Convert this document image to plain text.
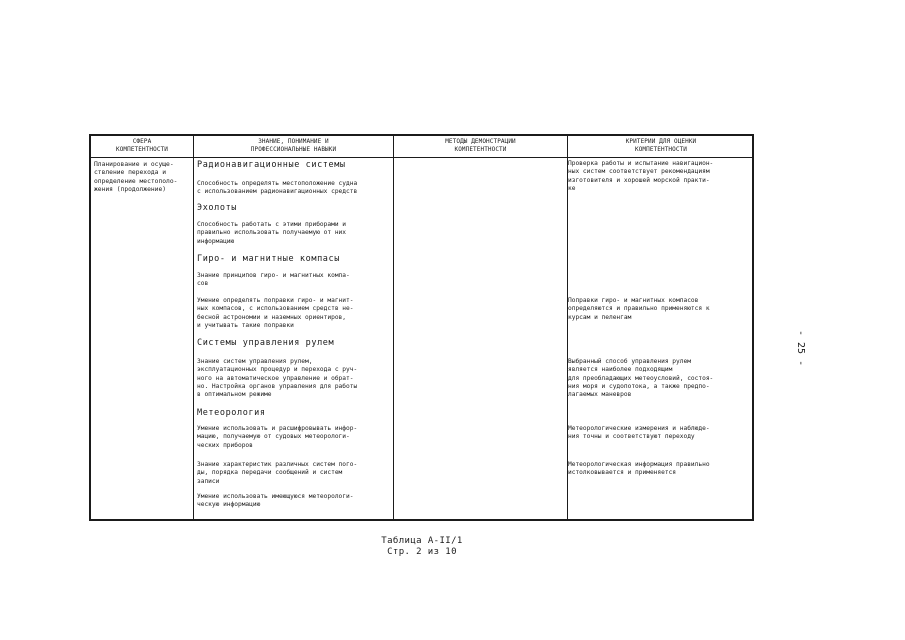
СФЕРА
КОМПЕТЕНТНОСТИ
ЗНАНИЕ, ПОНИМАНИЕ И
ПРОФЕССИОНАЛЬНЫЕ НАВЫКИ
МЕТОДЫ ДЕМОНСТРАЦИИ
КОМПЕТЕНТНОСТИ
КРИТЕРИИ ДЛЯ ОЦЕНКИ
КОМПЕТЕНТНОСТИ
Планирование и осуще-
ствление перехода и
определение местополо-
жения (продолжение)
Радионавигационные системы
Способность определять местоположение судна
с использованием радионавигационных средств
Эхолоты
Способность работать с этими приборами и
правильно использовать получаемую от них
информацию
Гиро- и магнитные компасы
Знание принципов гиро- и магнитных компа-
сов
Умение определять поправки гиро- и магнит-
ных компасов, с использованием средств не-
бесной астрономии и наземных ориентиров,
и учитывать такие поправки
Системы управления рулем
Знание систем управления рулем,
эксплуатационных процедур и перехода с руч-
ного на автоматическое управление и обрат-
но. Настройка органов управления для работы
в оптимальном режиме
Метеорология
Умение использовать и расшифровывать инфор-
мацию, получаемую от судовых метеорологи-
ческих приборов
Знание характеристик различных систем пого-
ды, порядка передачи сообщений и систем
записи
Умение использовать имеющуюся метеорологи-
ческую информацию
Проверка работы и испытание навигацион-
ных систем соответствует рекомендациям
изготовителя и хорошей морской практи-
ке
Поправки гиро- и магнитных компасов
определяются и правильно применяются к
курсам и пеленгам
Выбранный способ управления рулем
является наиболее подходящим
для преобладающих метеоусловий, состоя-
ния моря и судопотока, а также предпо-
лагаемых маневров
Метеорологические измерения и наблюде-
ния точны и соответствуют переходу
Метеорологическая информация правильно
истолковывается и применяется
- 25 -
Таблица А-II/1
Стр. 2 из 10
